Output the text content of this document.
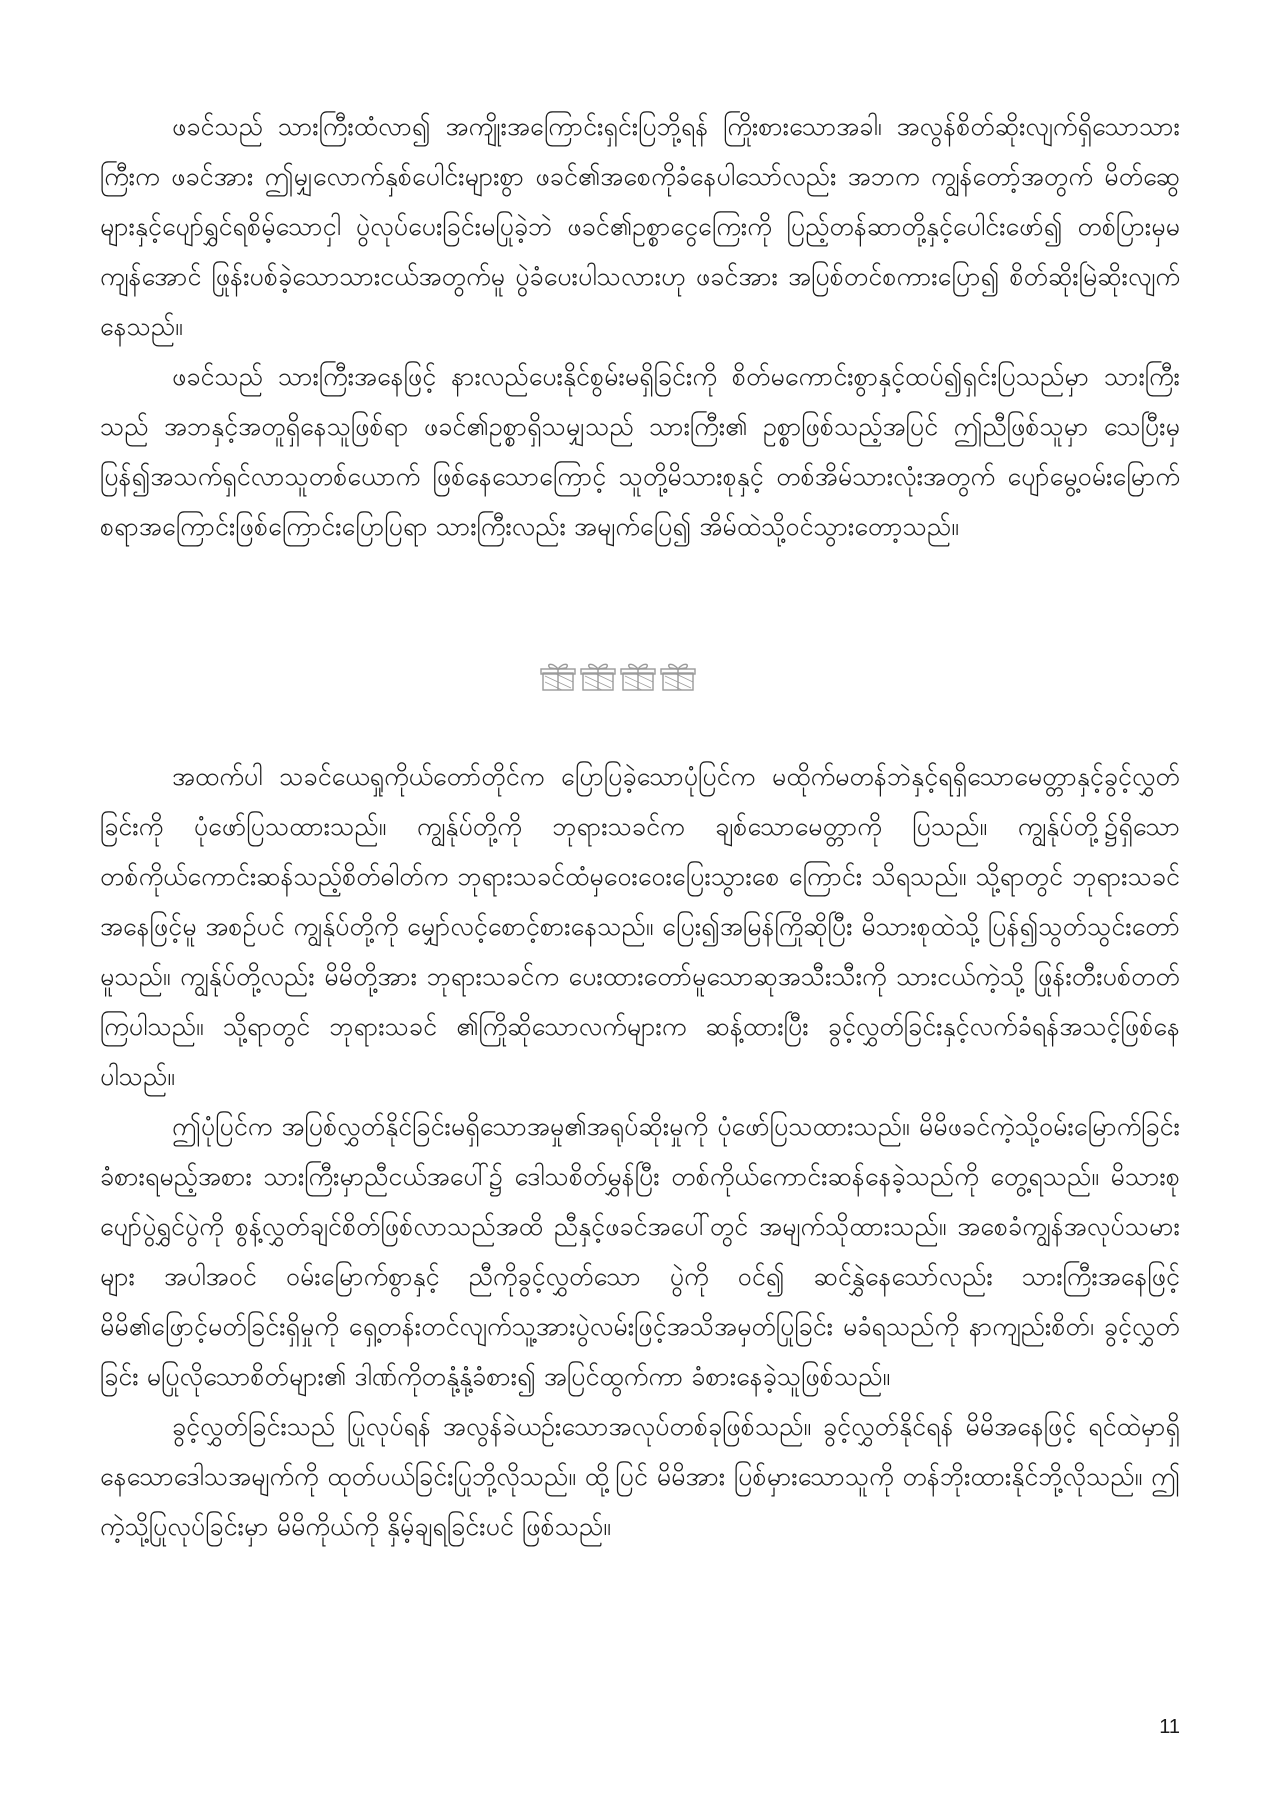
ဖခင်သည် သားကြီးထံလာ၍ အကျိုးအကြောင်းရှင်းပြဘို့ရန် ကြိုးစားသောအခါ၊ အလွန်စိတ်ဆိုးလျက်ရှိသောသားကြီးက ဖခင်အား ဤမျှလောက်နှစ်ပေါင်းများစွာ ဖခင်၏အစေကိုခံနေပါသော်လည်း အဘက ကျွန်တော့်အတွက် မိတ်ဆွေများနှင့်ပျော်ရွှင်ရစိမ့်သောငှါ ပွဲလုပ်ပေးခြင်းမပြုခဲ့ဘဲ ဖခင်၏ဥစ္စာငွေကြေးကို ပြည့်တန်ဆာတို့နှင့်ပေါင်းဖော်၍ တစ်ပြားမှမကျန်အောင် ဖြုန်းပစ်ခဲ့သောသားငယ်အတွက်မူ ပွဲခံပေးပါသလားဟု ဖခင်အား အပြစ်တင်စကားပြော၍ စိတ်ဆိုးမြဲဆိုးလျက်နေသည်။

ဖခင်သည် သားကြီးအနေဖြင့် နားလည်ပေးနိုင်စွမ်းမရှိခြင်းကို စိတ်မကောင်းစွာနှင့်ထပ်၍ရှင်းပြသည်မှာ သားကြီးသည် အဘနှင့်အတူရှိနေသူဖြစ်ရာ ဖခင်၏ဥစ္စာရှိသမျှသည် သားကြီး၏ ဥစ္စာဖြစ်သည့်အပြင် ဤညီဖြစ်သူမှာ သေပြီးမှပြန်၍အသက်ရှင်လာသူတစ်ယောက် ဖြစ်နေသောကြောင့် သူတို့မိသားစုနှင့် တစ်အိမ်သားလုံးအတွက် ပျော်မွေ့ဝမ်းမြောက်စရာအကြောင်းဖြစ်ကြောင်းပြောပြရာ သားကြီးလည်း အမျက်ပြေ၍ အိမ်ထဲသို့ဝင်သွားတော့သည်။

အထက်ပါ သခင်ယေရှုကိုယ်တော်တိုင်က ပြောပြခဲ့သောပုံပြင်က မထိုက်မတန်ဘဲနှင့်ရရှိသောမေတ္တာနှင့်ခွင့်လွှတ်ခြင်းကို ပုံဖော်ပြသထားသည်။ ကျွန်ုပ်တို့ကို ဘုရားသခင်က ချစ်သောမေတ္တာကို ပြသည်။ ကျွန်ုပ်တို့၌ရှိသော တစ်ကိုယ်ကောင်းဆန်သည့်စိတ်ဓါတ်က ဘုရားသခင်ထံမှဝေးဝေးပြေးသွားစေ ကြောင်း သိရသည်။ သို့ရာတွင် ဘုရားသခင်အနေဖြင့်မူ အစဉ်ပင် ကျွန်ုပ်တို့ကို မျှော်လင့်စောင့်စားနေသည်။ ပြေး၍အမြန်ကြိုဆိုပြီး မိသားစုထဲသို့ ပြန်၍သွတ်သွင်းတော်မူသည်။ ကျွန်ုပ်တို့လည်း မိမိတို့အား ဘုရားသခင်က ပေးထားတော်မူသောဆုအသီးသီးကို သားငယ်ကဲ့သို့ ဖြုန်းတီးပစ်တတ်ကြပါသည်။ သို့ရာတွင် ဘုရားသခင် ၏ကြိုဆိုသောလက်များက ဆန့်ထားပြီး ခွင့်လွှတ်ခြင်းနှင့်လက်ခံရန်အသင့်ဖြစ်နေ ပါသည်။

ဤပုံပြင်က အပြစ်လွှတ်နိုင်ခြင်းမရှိသောအမှု၏အရုပ်ဆိုးမှုကို ပုံဖော်ပြသထားသည်။ မိမိဖခင်ကဲ့သို့ဝမ်းမြောက်ခြင်းခံစားရမည့်အစား သားကြီးမှာညီငယ်အပေါ်၌ ဒေါသစိတ်မွှန်ပြီး တစ်ကိုယ်ကောင်းဆန်နေခဲ့သည်ကို တွေ့ရသည်။ မိသားစုပျော်ပွဲရွှင်ပွဲကို စွန့်လွှတ်ချင်စိတ်ဖြစ်လာသည်အထိ ညီနှင့်ဖခင်အပေါ်တွင် အမျက်သိုထားသည်။ အစေခံကျွန်အလုပ်သမားများ အပါအဝင် ဝမ်းမြောက်စွာနှင့် ညီကိုခွင့်လွှတ်သော ပွဲကို ဝင်၍ ဆင်နွှဲနေသော်လည်း သားကြီးအနေဖြင့်မိမိ၏ဖြောင့်မတ်ခြင်းရှိမှုကို ရှေ့တန်းတင်လျက်သူ့အားပွဲလမ်းဖြင့်အသိအမှတ်ပြုခြင်း မခံရသည်ကို နာကျည်းစိတ်၊ ခွင့်လွှတ်ခြင်း မပြုလိုသောစိတ်များ၏ ဒါဏ်ကိုတနုံ့နုံ့ခံစား၍ အပြင်ထွက်ကာ ခံစားနေခဲ့သူဖြစ်သည်။

ခွင့်လွှတ်ခြင်းသည် ပြုလုပ်ရန် အလွန်ခဲယဉ်းသောအလုပ်တစ်ခုဖြစ်သည်။ ခွင့်လွှတ်နိုင်ရန် မိမိအနေဖြင့် ရင်ထဲမှာရှိနေသောဒေါသအမျက်ကို ထုတ်ပယ်ခြင်းပြုဘို့လိုသည်။ ထို့ပြင် မိမိအား ပြစ်မှားသောသူကို တန်ဘိုးထားနိုင်ဘို့လိုသည်။ ဤကဲ့သို့ပြုလုပ်ခြင်းမှာ မိမိကိုယ်ကို နှိမ့်ချရခြင်းပင် ဖြစ်သည်။

11
